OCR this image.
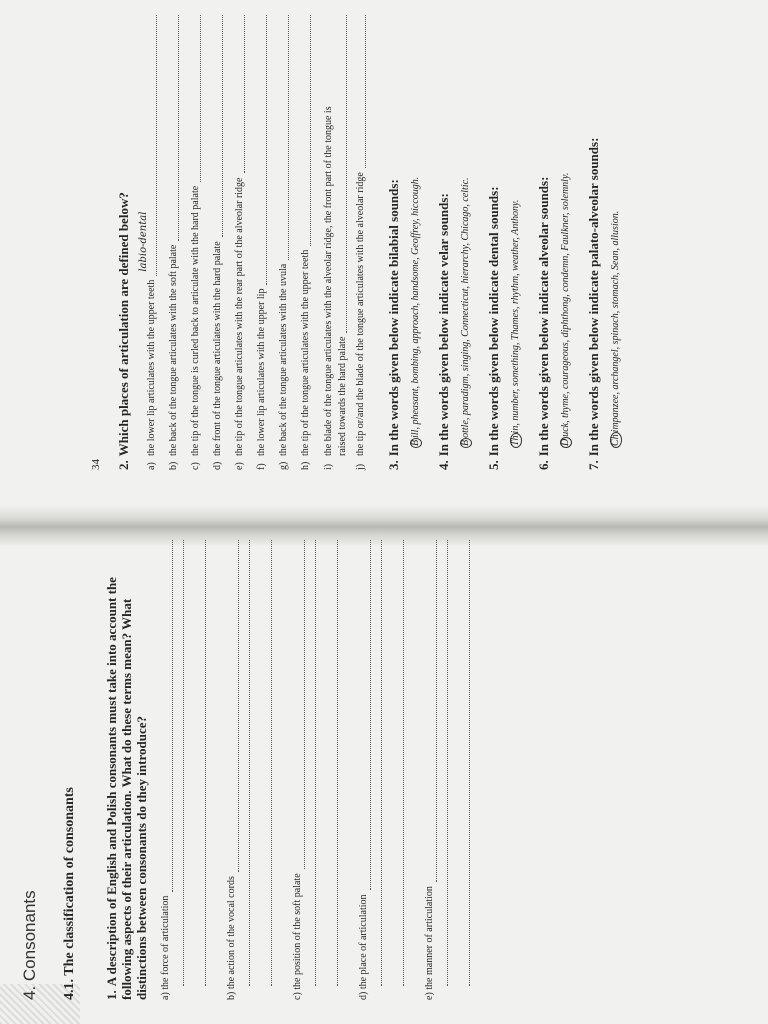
4. Consonants 4.1. The classification of consonants 1.A description of English and Polish consonants must take into account the following aspects of their articulation. What do these terms mean? What distinctions between consonants do they introduce? a) the force of articulation	b) the action of the vocal cords	c) the position of the soft palate	d) the place of articulation	e) the manner of articulation
34 2.Which places of articulation are defined below?
a)
the lower lip articulates with the upper teeth
labio-dental
b)
the back of the tongue articulates with the soft palate
c)
the tip of the tongue is curled back to articulate with the hard palate
d)
the front of the tongue articulates with the hard palate
e)
the tip of the tongue articulates with the rear part of the alveolar ridge
f)
the lower lip articulates with the upper lip
g)
the back of the tongue articulates with the uvula
h)
the tip of the tongue articulates with the upper teeth
i)
the blade of the tongue articulates with the alveolar ridge, the front part of the tongue is raised towards the hard palate
j)
the tip or/and the blade of the tongue articulates with the alveolar ridge
3.In the words given below indicate bilabial sounds: Bill, pheasant, bombing, approach, handsome, Geoffrey, hiccough.
4.In the words given below indicate velar sounds: Bottle, paradigm, singing, Connecticut, hierarchy, Chicago, celtic.
5.In the words given below indicate dental sounds: Thin, number, something, Thames, rhythm, weather, Anthony.
6.In the words given below indicate alveolar sounds: Duck, thyme, courageous, diphthong, condemn, Faulkner, solemnly.
7.In the words given below indicate palato-alveolar sounds: Chimpanzee, archangel, spinach, stomach, Sean, allusion.
